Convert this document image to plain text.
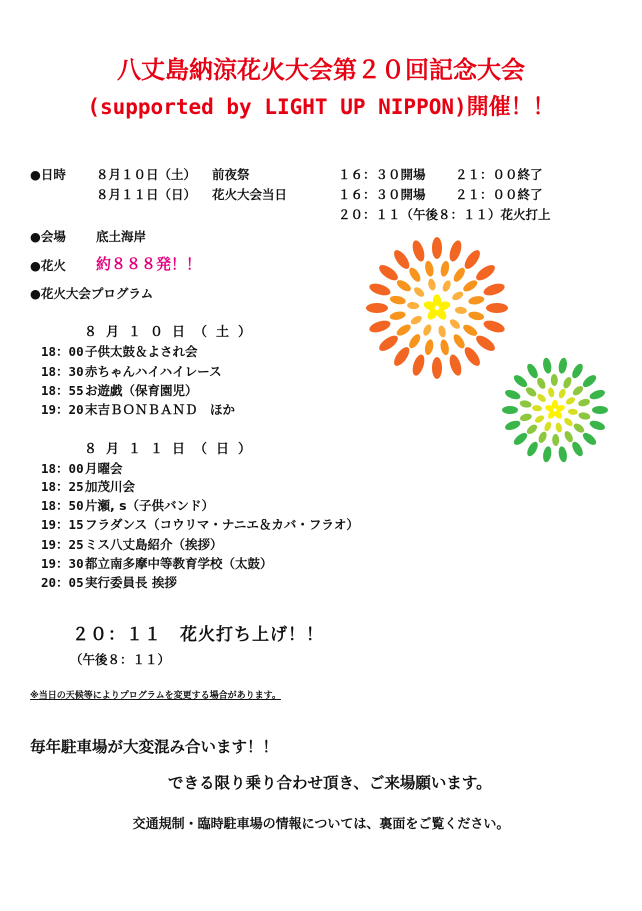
八丈島納涼花火大会第２０回記念大会
(supported by LIGHT UP NIPPON)開催！！
●日時 ８月１０日（土） 前夜祭	１６：３０開場 ２１：００終了
８月１１日（日） 花火大会当日	１６：３０開場 ２１：００終了
２０：１１（午後８：１１）花火打上
●会場 底土海岸
●花火 約８８８発！！
●花火大会プログラム
８月１０日（土）
18：00子供太鼓＆よされ会
18：30赤ちゃんハイハイレース
18：55お遊戯（保育園児）
19：20末吉ＢＯＮＢＡＮＤ　ほか
８月１１日（日）
18：00月曜会
18：25加茂川会
18：50片瀬, s（子供バンド）
19：15フラダンス（コウリマ・ナニエ＆カバ・フラオ）
19：25ミス八丈島紹介（挨拶）
19：30都立南多摩中等教育学校（太鼓）
20：05実行委員長 挨拶
２０：１１　花火打ち上げ！！
（午後８：１１）
※当日の天候等によりプログラムを変更する場合があります。
毎年駐車場が大変混み合います！！
できる限り乗り合わせ頂き、ご来場願います。
交通規制・臨時駐車場の情報については、裏面をご覧ください。
